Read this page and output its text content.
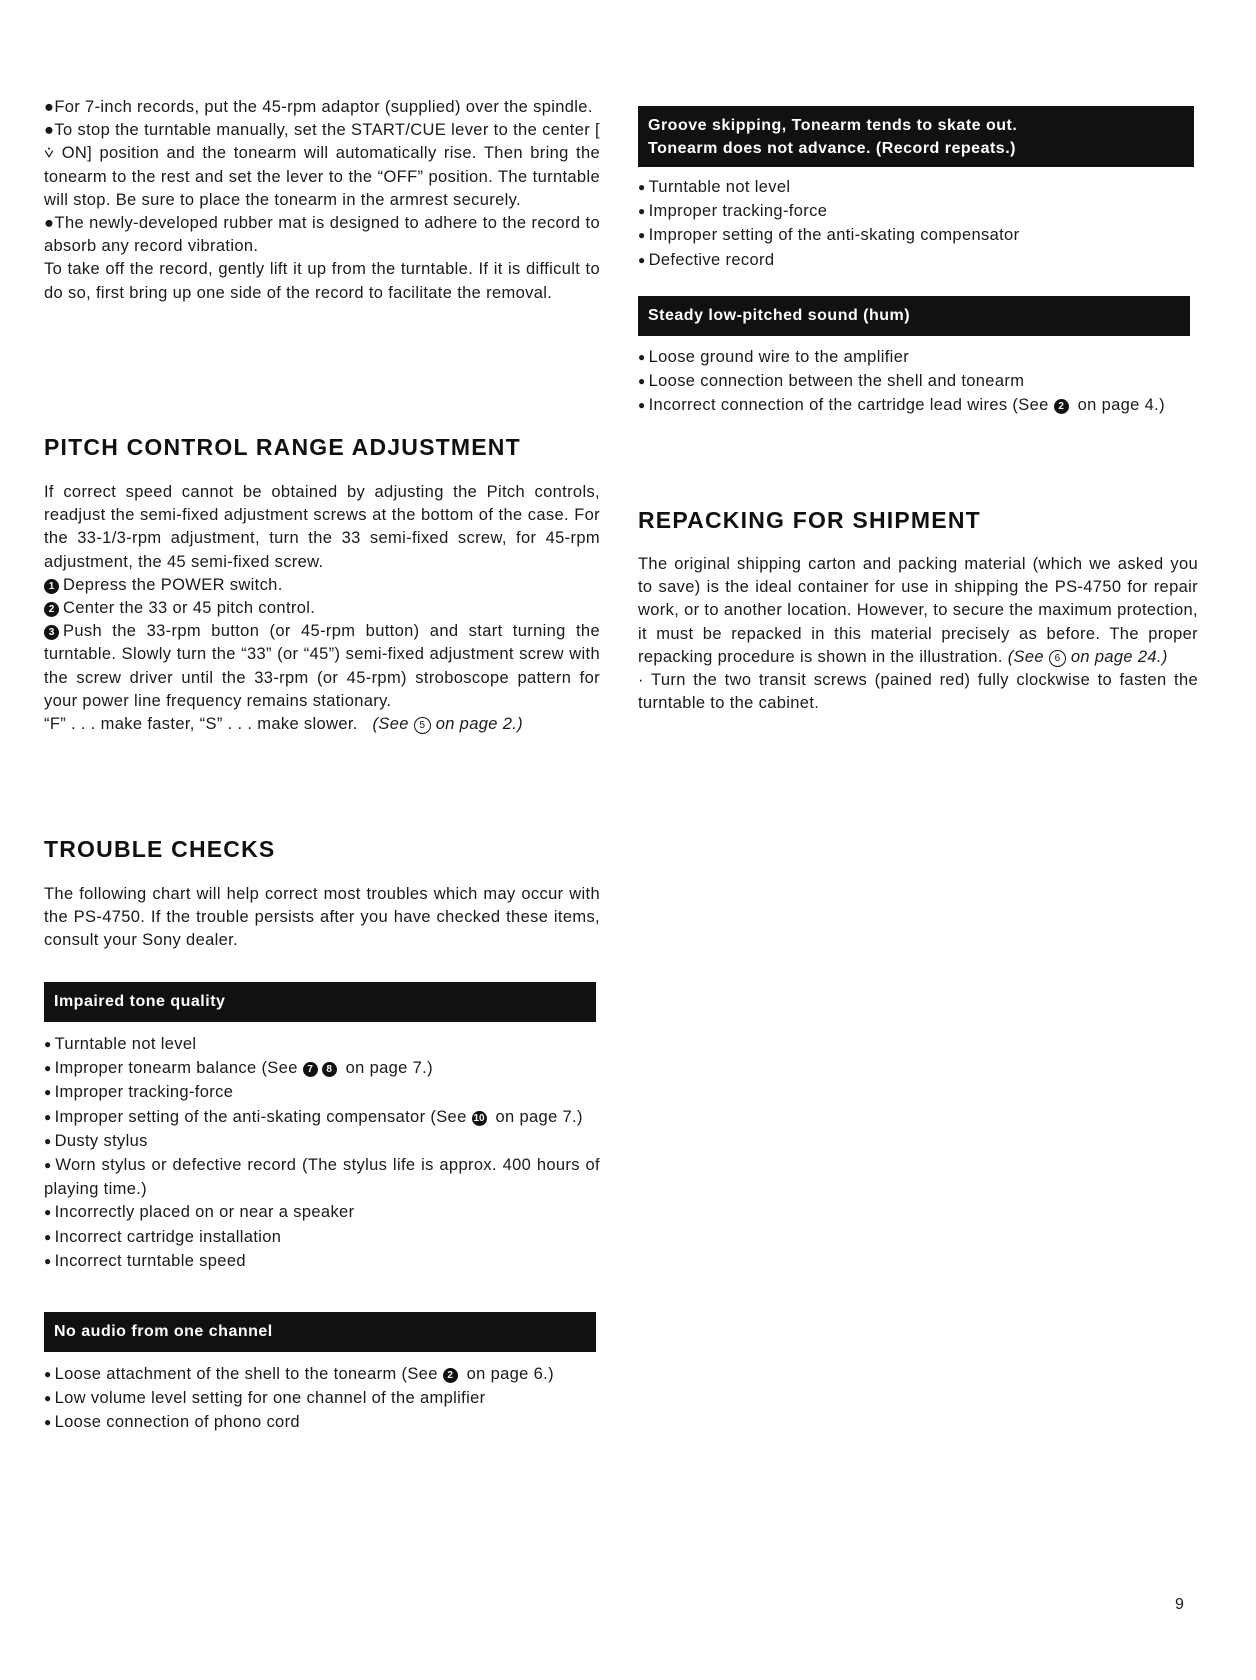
●For 7-inch records, put the 45-rpm adaptor (supplied) over the spindle.

●To stop the turntable manually, set the START/CUE lever to the center [ ⩒ ON] position and the tonearm will automatically rise. Then bring the tonearm to the rest and set the lever to the “OFF” position. The turntable will stop. Be sure to place the tonearm in the armrest securely.

●The newly-developed rubber mat is designed to adhere to the record to absorb any record vibration.

To take off the record, gently lift it up from the turntable. If it is difficult to do so, first bring up one side of the record to facilitate the removal.

PITCH CONTROL RANGE ADJUSTMENT

If correct speed cannot be obtained by adjusting the Pitch controls, readjust the semi-fixed adjustment screws at the bottom of the case. For the 33-1/3-rpm adjustment, turn the 33 semi-fixed screw, for 45-rpm adjustment, the 45 semi-fixed screw.

1 Depress the POWER switch.

2 Center the 33 or 45 pitch control.

3 Push the 33-rpm button (or 45-rpm button) and start turning the turntable. Slowly turn the “33” (or “45”) semi-fixed adjustment screw with the screw driver until the 33-rpm (or 45-rpm) stroboscope pattern for your power line frequency remains stationary.

“F” . . . make faster, “S” . . . make slower. (See 5 on page 2.)

TROUBLE CHECKS

The following chart will help correct most troubles which may occur with the PS-4750. If the trouble persists after you have checked these items, consult your Sony dealer.

Impaired tone quality

● Turntable not level

● Improper tonearm balance (See 7 8 on page 7.)

● Improper tracking-force

● Improper setting of the anti-skating compensator (See 10 on page 7.)

● Dusty stylus

● Worn stylus or defective record (The stylus life is approx. 400 hours of playing time.)

● Incorrectly placed on or near a speaker

● Incorrect cartridge installation

● Incorrect turntable speed

No audio from one channel

● Loose attachment of the shell to the tonearm (See 2 on page 6.)

● Low volume level setting for one channel of the amplifier

● Loose connection of phono cord

Groove skipping, Tonearm tends to skate out.
Tonearm does not advance. (Record repeats.)

● Turntable not level

● Improper tracking-force

● Improper setting of the anti-skating compensator

● Defective record

Steady low-pitched sound (hum)

● Loose ground wire to the amplifier

● Loose connection between the shell and tonearm

● Incorrect connection of the cartridge lead wires (See 2 on page 4.)

REPACKING FOR SHIPMENT

The original shipping carton and packing material (which we asked you to save) is the ideal container for use in shipping the PS-4750 for repair work, or to another location. However, to secure the maximum protection, it must be repacked in this material precisely as before. The proper repacking procedure is shown in the illustration. (See 6 on page 24.)

· Turn the two transit screws (pained red) fully clockwise to fasten the turntable to the cabinet.

9
